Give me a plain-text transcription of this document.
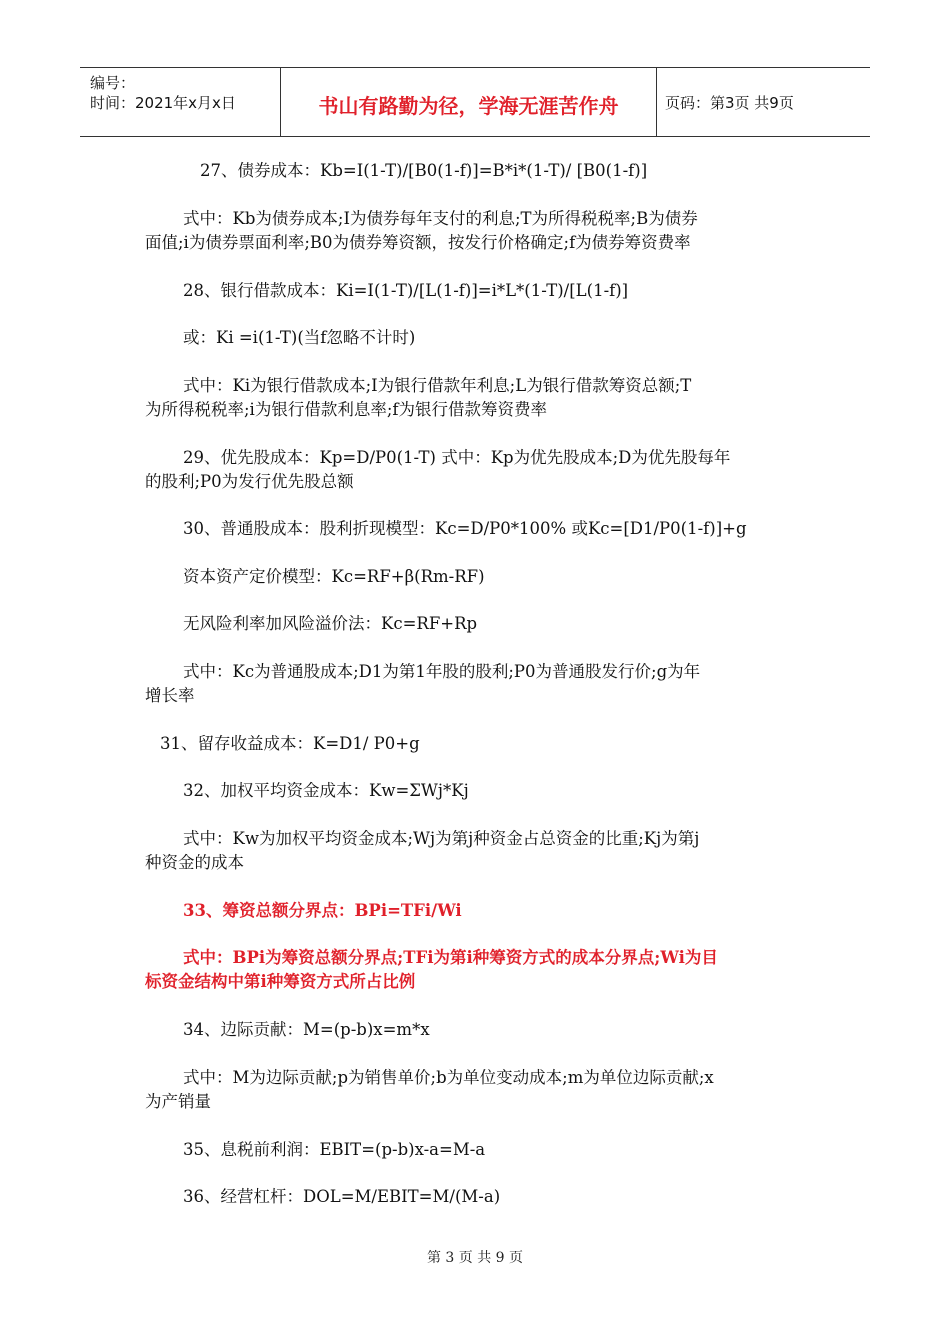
编号：
时间：2021年x月x日	书山有路勤为径，学海无涯苦作舟	页码：第3页 共9页
27、债券成本：Kb=I(1-T)/[B0(1-f)]=B*i*(1-T)/ [B0(1-f)]
式中：Kb为债券成本;I为债券每年支付的利息;T为所得税税率;B为债券
面值;i为债券票面利率;B0为债券筹资额，按发行价格确定;f为债券筹资费率
28、银行借款成本：Ki=I(1-T)/[L(1-f)]=i*L*(1-T)/[L(1-f)]
或：Ki =i(1-T)(当f忽略不计时)
式中：Ki为银行借款成本;I为银行借款年利息;L为银行借款筹资总额;T
为所得税税率;i为银行借款利息率;f为银行借款筹资费率
29、优先股成本：Kp=D/P0(1-T) 式中：Kp为优先股成本;D为优先股每年
的股利;P0为发行优先股总额
30、普通股成本：股利折现模型：Kc=D/P0*100% 或Kc=[D1/P0(1-f)]+g
资本资产定价模型：Kc=RF+β(Rm-RF)
无风险利率加风险溢价法：Kc=RF+Rp
式中：Kc为普通股成本;D1为第1年股的股利;P0为普通股发行价;g为年
增长率
31、留存收益成本：K=D1/ P0+g
32、加权平均资金成本：Kw=ΣWj*Kj
式中：Kw为加权平均资金成本;Wj为第j种资金占总资金的比重;Kj为第j
种资金的成本
33、筹资总额分界点：BPi=TFi/Wi
式中：BPi为筹资总额分界点;TFi为第i种筹资方式的成本分界点;Wi为目
标资金结构中第i种筹资方式所占比例
34、边际贡献：M=(p-b)x=m*x
式中：M为边际贡献;p为销售单价;b为单位变动成本;m为单位边际贡献;x
为产销量
35、息税前利润：EBIT=(p-b)x-a=M-a
36、经营杠杆：DOL=M/EBIT=M/(M-a)
第 3 页 共 9 页
